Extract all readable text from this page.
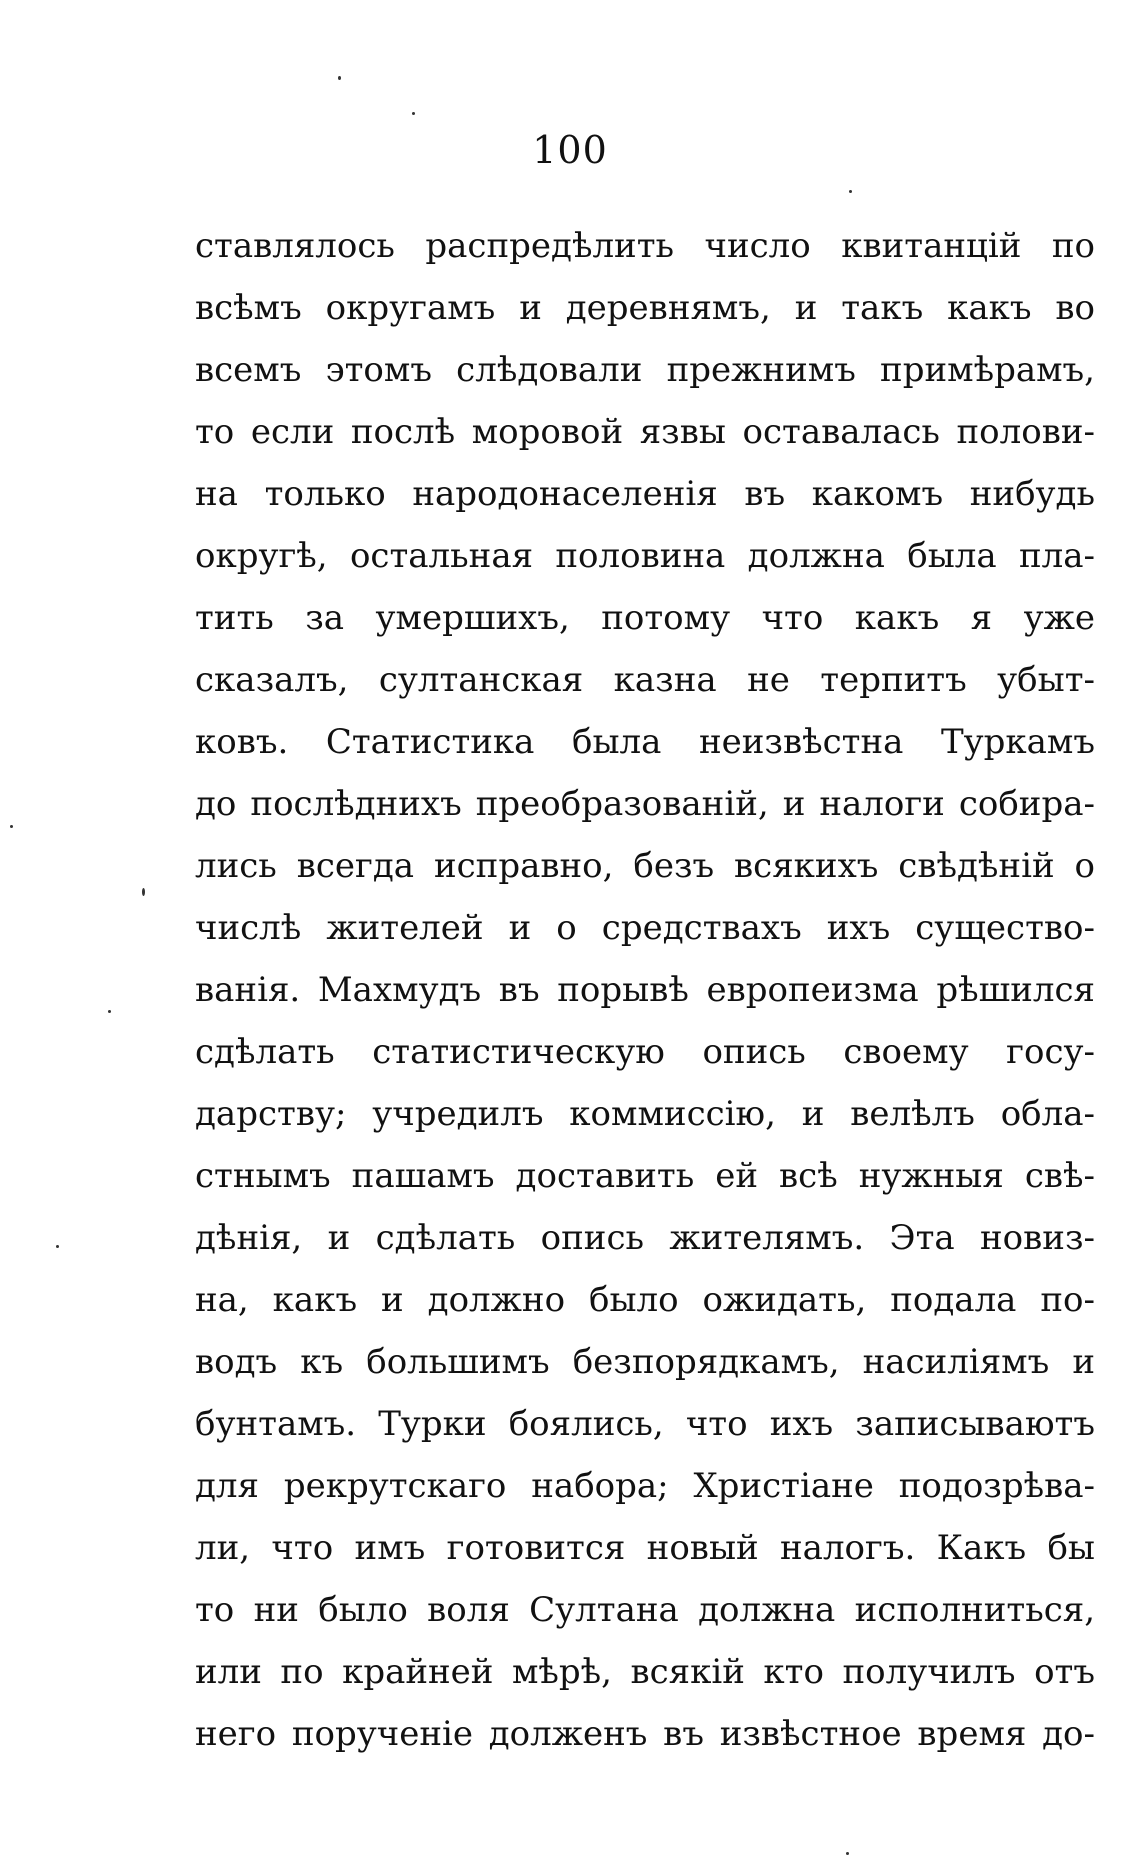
100
ставлялось распредѣлить число квитанцій по
всѣмъ округамъ и деревнямъ, и такъ какъ во
всемъ этомъ слѣдовали прежнимъ примѣрамъ,
то если послѣ моровой язвы оставалась полови-
на только народонаселенія въ какомъ нибудь
округѣ, остальная половина должна была пла-
тить за умершихъ, потому что какъ я уже
сказалъ, султанская казна не терпитъ убыт-
ковъ. Статистика была неизвѣстна Туркамъ
до послѣднихъ преобразованій, и налоги собира-
лись всегда исправно, безъ всякихъ свѣдѣній о
числѣ жителей и о средствахъ ихъ существо-
ванія. Махмудъ въ порывѣ европеизма рѣшился
сдѣлать статистическую опись своему госу-
дарству; учредилъ коммиссію, и велѣлъ обла-
стнымъ пашамъ доставить ей всѣ нужныя свѣ-
дѣнія, и сдѣлать опись жителямъ. Эта новиз-
на, какъ и должно было ожидать, подала по-
водъ къ большимъ безпорядкамъ, насиліямъ и
бунтамъ. Турки боялись, что ихъ записываютъ
для рекрутскаго набора; Христіане подозрѣва-
ли, что имъ готовится новый налогъ. Какъ бы
то ни было воля Султана должна исполниться,
или по крайней мѣрѣ, всякій кто получилъ отъ
него порученіе долженъ въ извѣстное время до-
